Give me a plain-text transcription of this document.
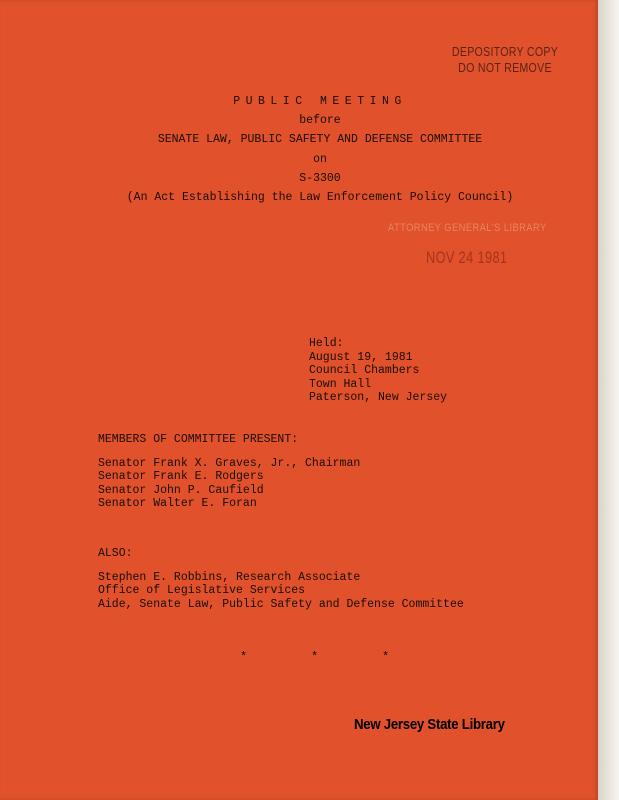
DEPOSITORY COPY
DO NOT REMOVE
PUBLIC MEETING
before
SENATE LAW, PUBLIC SAFETY AND DEFENSE COMMITTEE
on
S-3300
(An Act Establishing the Law Enforcement Policy Council)
ATTORNEY GENERAL'S LIBRARY
NOV 24 1981
Held:
August 19, 1981
Council Chambers
Town Hall
Paterson, New Jersey
MEMBERS OF COMMITTEE PRESENT:
Senator Frank X. Graves, Jr., Chairman
Senator Frank E. Rodgers
Senator John P. Caufield
Senator Walter E. Foran
ALSO:
Stephen E. Robbins, Research Associate
Office of Legislative Services
Aide, Senate Law, Public Safety and Defense Committee
*	*	*
New Jersey State Library
